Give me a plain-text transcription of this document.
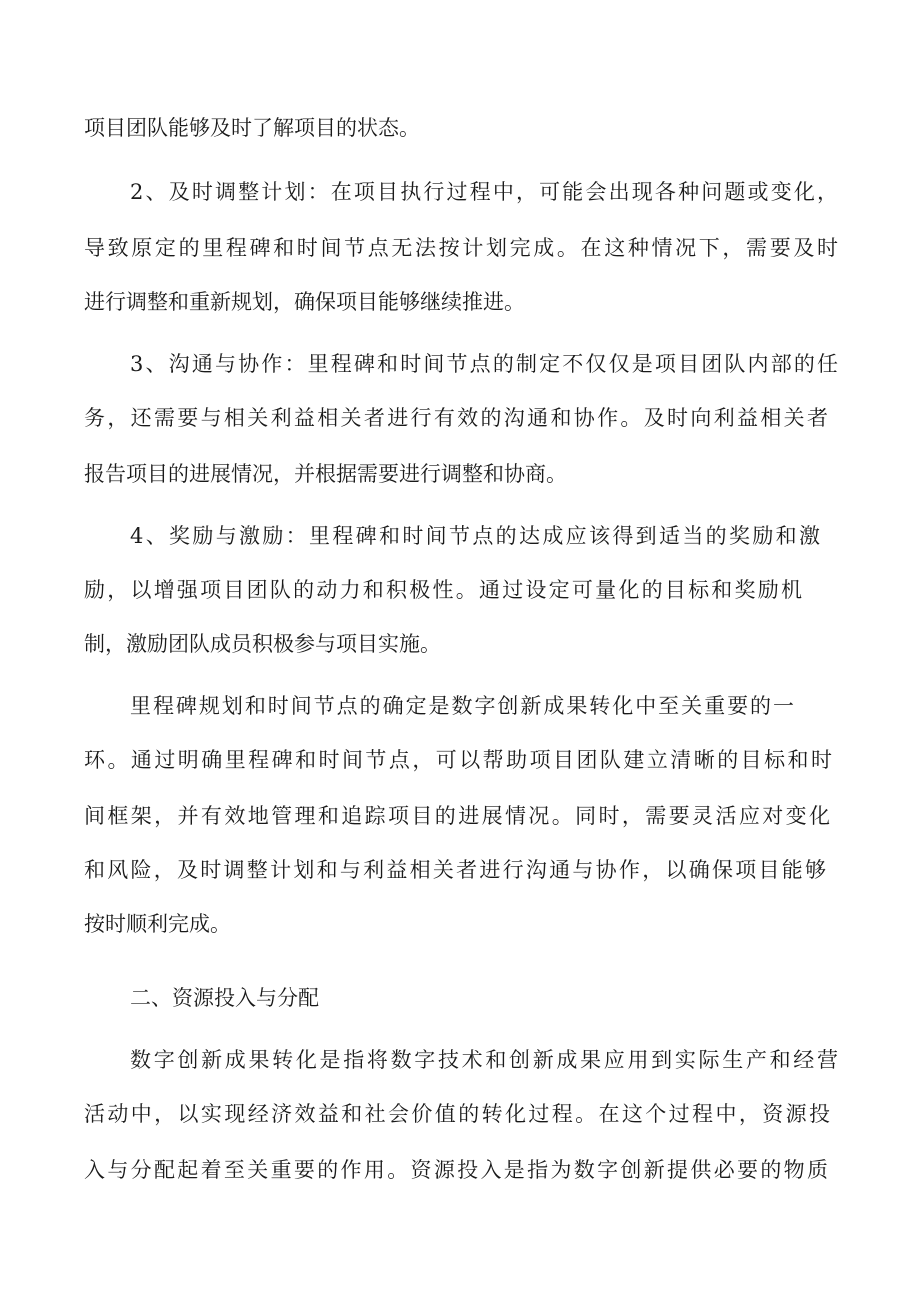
项目团队能够及时了解项目的状态。

2、及时调整计划：在项目执行过程中，可能会出现各种问题或变化，

导致原定的里程碑和时间节点无法按计划完成。在这种情况下，需要及时

进行调整和重新规划，确保项目能够继续推进。

3、沟通与协作：里程碑和时间节点的制定不仅仅是项目团队内部的任

务，还需要与相关利益相关者进行有效的沟通和协作。及时向利益相关者

报告项目的进展情况，并根据需要进行调整和协商。

4、奖励与激励：里程碑和时间节点的达成应该得到适当的奖励和激

励，以增强项目团队的动力和积极性。通过设定可量化的目标和奖励机

制，激励团队成员积极参与项目实施。

里程碑规划和时间节点的确定是数字创新成果转化中至关重要的一

环。通过明确里程碑和时间节点，可以帮助项目团队建立清晰的目标和时

间框架，并有效地管理和追踪项目的进展情况。同时，需要灵活应对变化

和风险，及时调整计划和与利益相关者进行沟通与协作，以确保项目能够

按时顺利完成。

二、资源投入与分配

数字创新成果转化是指将数字技术和创新成果应用到实际生产和经营

活动中，以实现经济效益和社会价值的转化过程。在这个过程中，资源投

入与分配起着至关重要的作用。资源投入是指为数字创新提供必要的物质
